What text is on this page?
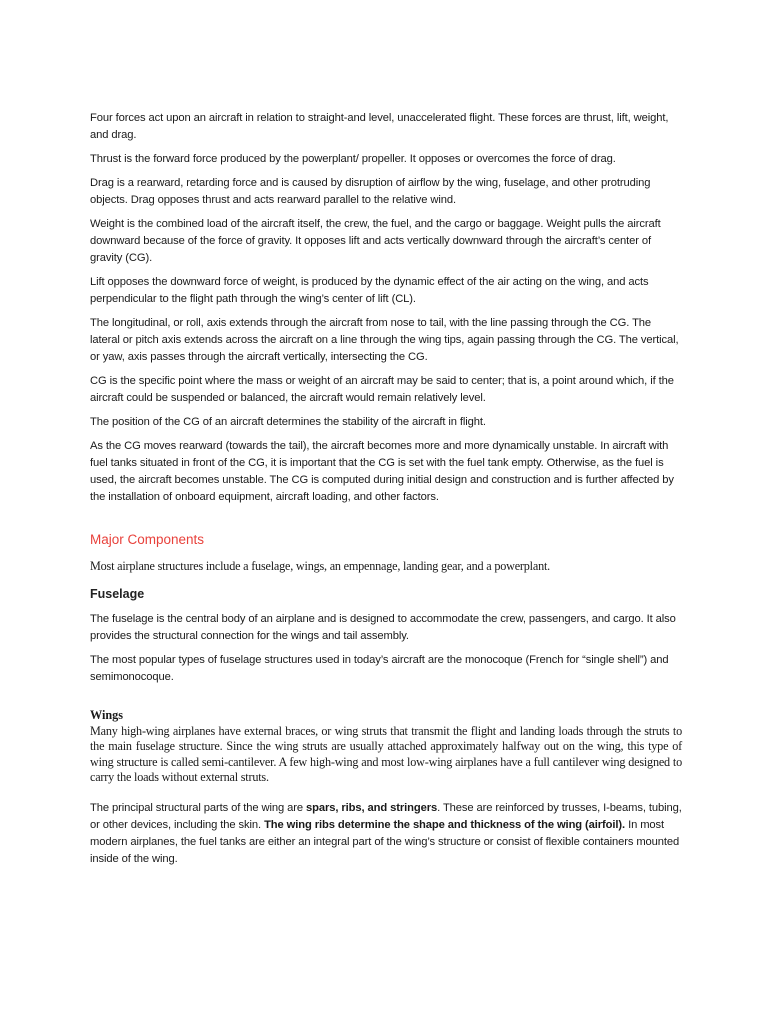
Four forces act upon an aircraft in relation to straight-and level, unaccelerated flight. These forces are thrust, lift, weight, and drag.

Thrust is the forward force produced by the powerplant/ propeller. It opposes or overcomes the force of drag.

Drag is a rearward, retarding force and is caused by disruption of airflow by the wing, fuselage, and other protruding objects. Drag opposes thrust and acts rearward parallel to the relative wind.

Weight is the combined load of the aircraft itself, the crew, the fuel, and the cargo or baggage. Weight pulls the aircraft downward because of the force of gravity. It opposes lift and acts vertically downward through the aircraft’s center of gravity (CG).

Lift opposes the downward force of weight, is produced by the dynamic effect of the air acting on the wing, and acts perpendicular to the flight path through the wing’s center of lift (CL).

The longitudinal, or roll, axis extends through the aircraft from nose to tail, with the line passing through the CG. The lateral or pitch axis extends across the aircraft on a line through the wing tips, again passing through the CG. The vertical, or yaw, axis passes through the aircraft vertically, intersecting the CG.

CG is the specific point where the mass or weight of an aircraft may be said to center; that is, a point around which, if the aircraft could be suspended or balanced, the aircraft would remain relatively level.

The position of the CG of an aircraft determines the stability of the aircraft in flight.

As the CG moves rearward (towards the tail), the aircraft becomes more and more dynamically unstable. In aircraft with fuel tanks situated in front of the CG, it is important that the CG is set with the fuel tank empty. Otherwise, as the fuel is used, the aircraft becomes unstable. The CG is computed during initial design and construction and is further affected by the installation of onboard equipment, aircraft loading, and other factors.

Major Components

Most airplane structures include a fuselage, wings, an empennage, landing gear, and a powerplant.

Fuselage

The fuselage is the central body of an airplane and is designed to accommodate the crew, passengers, and cargo. It also provides the structural connection for the wings and tail assembly.

The most popular types of fuselage structures used in today’s aircraft are the monocoque (French for “single shell”) and semimonocoque.

Wings

Many high-wing airplanes have external braces, or wing struts that transmit the flight and landing loads through the struts to the main fuselage structure. Since the wing struts are usually attached approximately halfway out on the wing, this type of wing structure is called semi-cantilever. A few high-wing and most low-wing airplanes have a full cantilever wing designed to carry the loads without external struts.

The principal structural parts of the wing are spars, ribs, and stringers. These are reinforced by trusses, I-beams, tubing, or other devices, including the skin. The wing ribs determine the shape and thickness of the wing (airfoil). In most modern airplanes, the fuel tanks are either an integral part of the wing’s structure or consist of flexible containers mounted inside of the wing.
